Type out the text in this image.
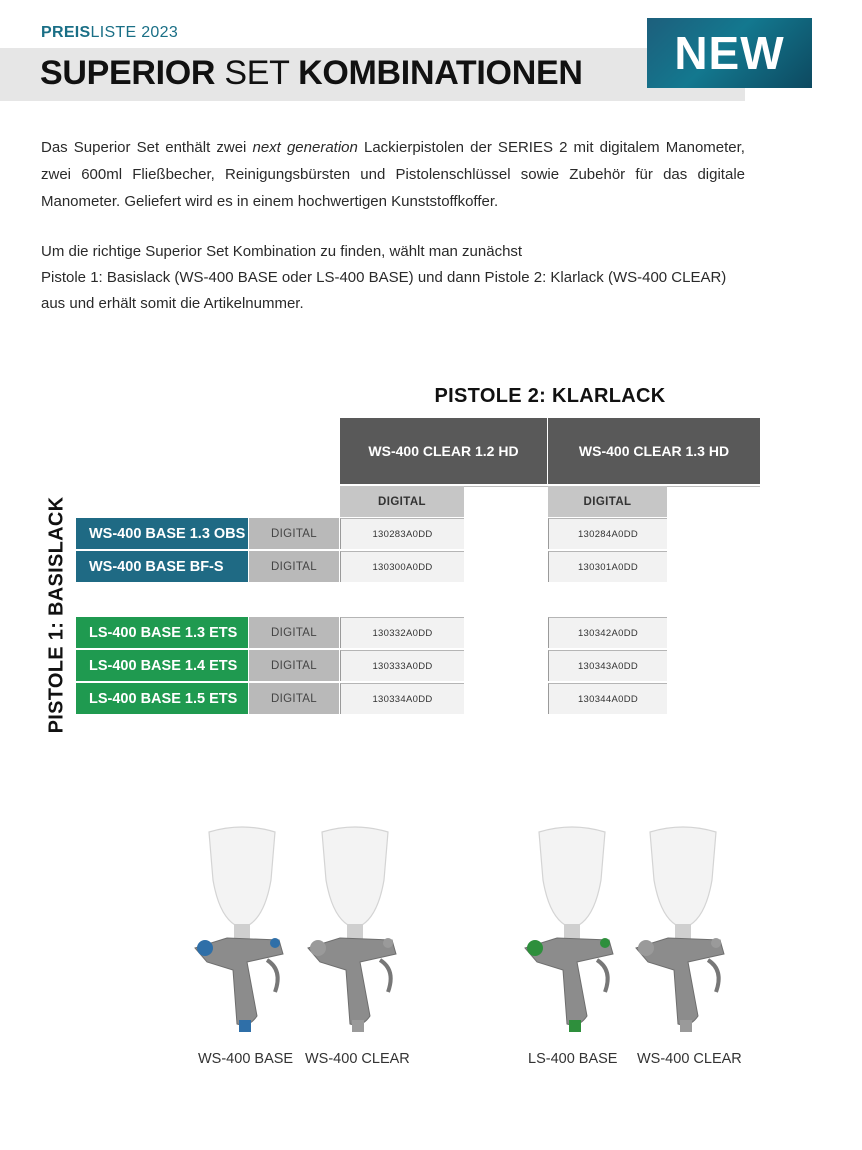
PREISLISTE 2023
SUPERIOR SET KOMBINATIONEN	NEW
Das Superior Set enthält zwei next generation Lackierpistolen der SERIES 2 mit digitalem Manometer, zwei 600ml Fließbecher, Reinigungsbürsten und Pistolenschlüssel sowie Zubehör für das digitale Manometer. Geliefert wird es in einem hochwertigen Kunststoffkoffer.
Um die richtige Superior Set Kombination zu finden, wählt man zunächst
Pistole 1: Basislack (WS-400 BASE oder LS-400 BASE) und dann Pistole 2: Klarlack (WS-400 CLEAR)
aus und erhält somit die Artikelnummer.
PISTOLE 2: KLARLACK
WS-400 CLEAR 1.2 HD	WS-400 CLEAR 1.3 HD
DIGITAL	DIGITAL
PISTOLE 1: BASISLACK	WS-400 BASE 1.3 OBS	DIGITAL	130283A0DD	130284A0DD
WS-400 BASE BF-S	DIGITAL	130300A0DD	130301A0DD
LS-400 BASE 1.3 ETS	DIGITAL	130332A0DD	130342A0DD
LS-400 BASE 1.4 ETS	DIGITAL	130333A0DD	130343A0DD
LS-400 BASE 1.5 ETS	DIGITAL	130334A0DD	130344A0DD
WS-400 BASE WS-400 CLEAR	LS-400 BASE WS-400 CLEAR
